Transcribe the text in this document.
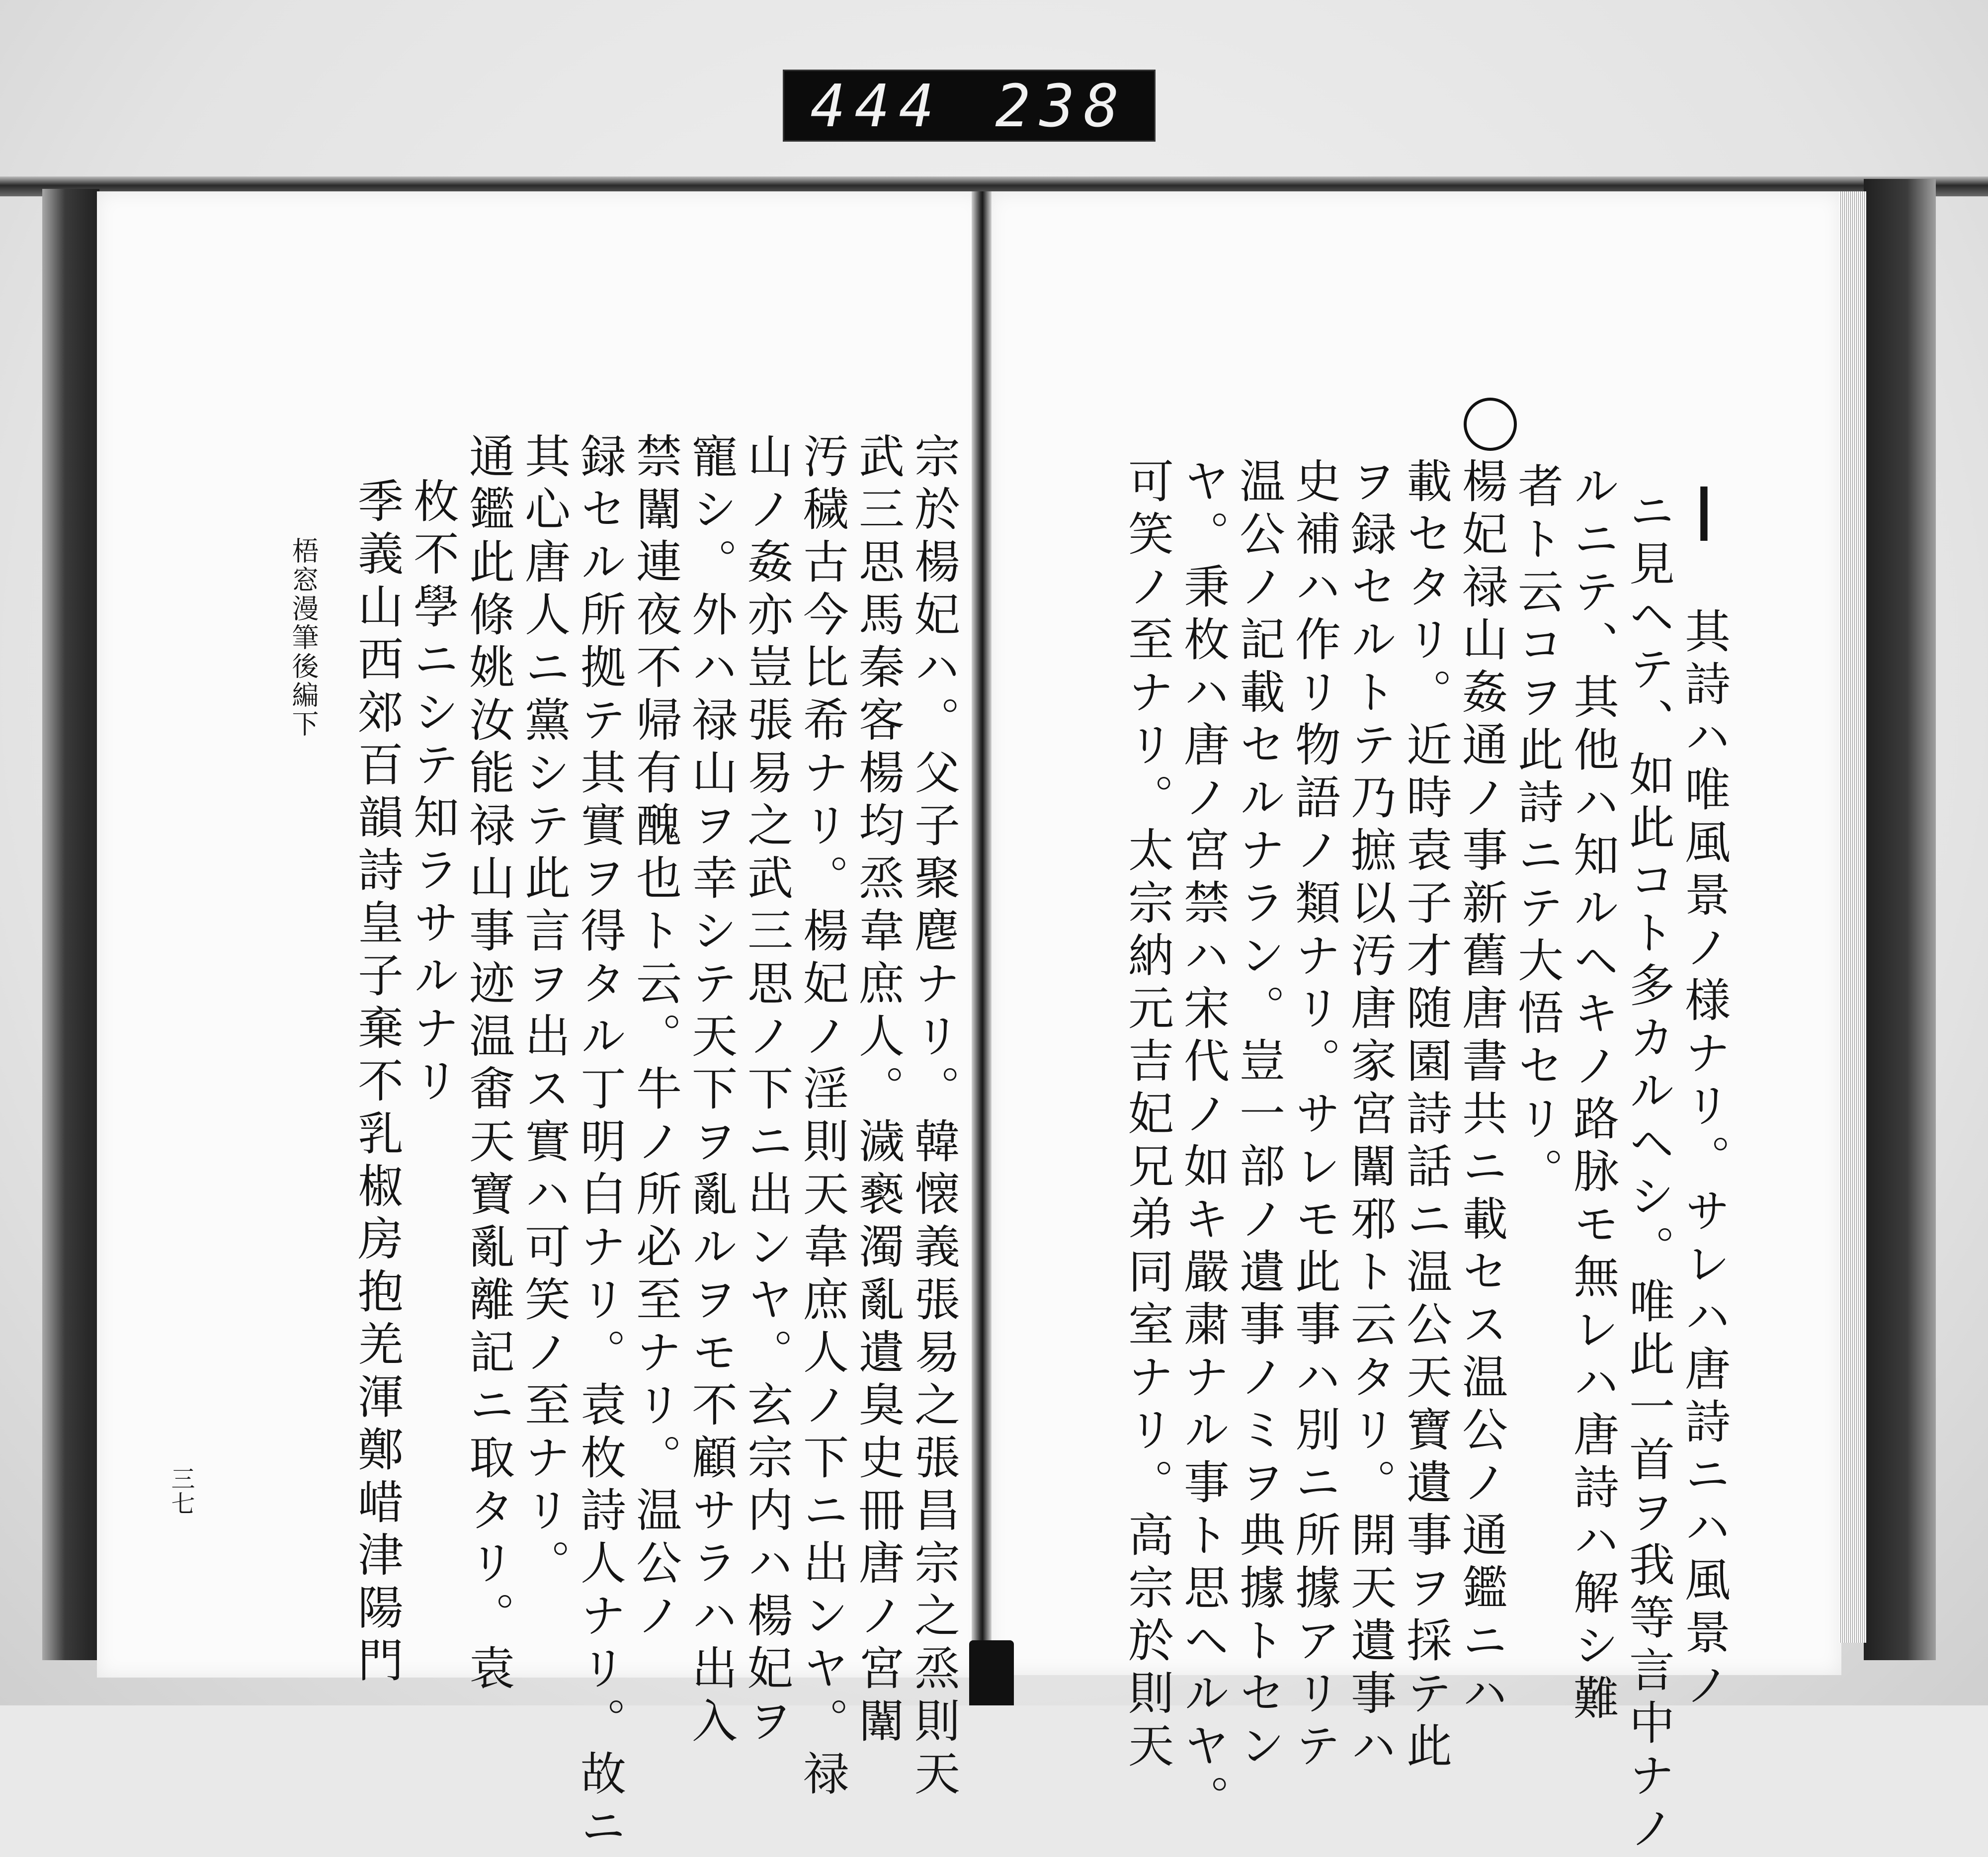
444 238
┃ 其詩ハ唯風景ノ様ナリ。サレハ唐詩ニハ風景ノ
ニ見ヘテ、如此コト多カルヘシ。唯此一首ヲ我等言中ナノ
ルニテ、其他ハ知ルヘキノ路脉モ無レハ唐詩ハ解シ難
者ト云コヲ此詩ニテ大悟セリ。
楊妃禄山姦通ノ事新舊唐書共ニ載セス温公ノ通鑑ニハ
載セタリ。近時袁子才随園詩話ニ温公天寶遺事ヲ採テ此
ヲ録セルトテ乃摭以汚唐家宮闈邪ト云タリ。開天遺事ハ
史補ハ作リ物語ノ類ナリ。サレモ此事ハ別ニ所據アリテ
温公ノ記載セルナラン。豈一部ノ遺事ノミヲ典據トセン
ヤ。秉枚ハ唐ノ宮禁ハ宋代ノ如キ嚴粛ナル事ト思ヘルヤ。
可笑ノ至ナリ。太宗納元吉妃兄弟同室ナリ。高宗於則天
宗於楊妃ハ。父子聚麀ナリ。韓懐義張易之張昌宗之烝則天
武三思馬秦客楊均烝韋庶人。濊褻濁亂遺臭史冊唐ノ宮闈
汚穢古今比希ナリ。楊妃ノ淫則天韋庶人ノ下ニ出ンヤ。禄
山ノ姦亦豈張易之武三思ノ下ニ出ンヤ。玄宗内ハ楊妃ヲ
寵シ。外ハ禄山ヲ幸シテ天下ヲ亂ルヲモ不顧サラハ出入
禁闈連夜不帰有醜也ト云。牛ノ所必至ナリ。温公ノ
録セル所拠テ其實ヲ得タル丁明白ナリ。袁枚詩人ナリ。故ニ
其心唐人ニ黨シテ此言ヲ出ス實ハ可笑ノ至ナリ。
通鑑此條姚汝能禄山事迹温畬天寶亂離記ニ取タリ。袁
枚不學ニシテ知ラサルナリ
季義山西郊百韻詩皇子棄不乳椒房抱羌渾鄭㟙津陽門
梧窓漫筆後編下
三七
